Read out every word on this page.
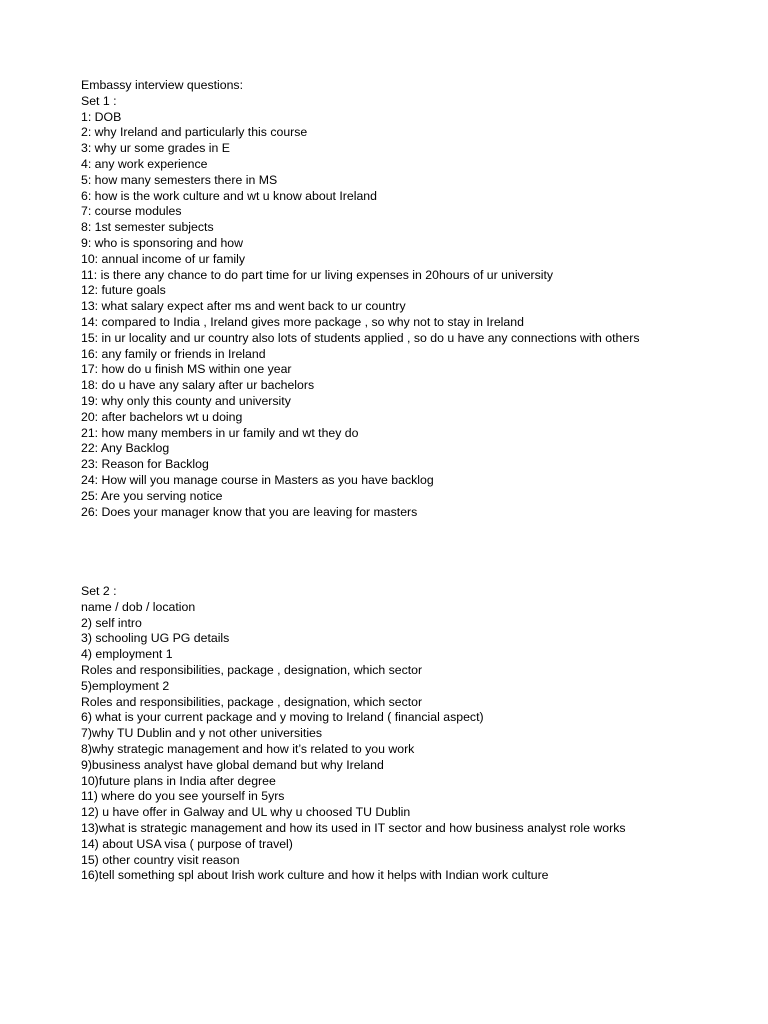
Embassy interview questions:
Set 1 :
1: DOB
2: why Ireland and particularly this course
3: why ur some grades in E
4: any work experience
5: how many semesters there in MS
6: how is the work culture and wt u know about Ireland
7: course modules
8: 1st semester subjects
9: who is sponsoring and how
10: annual income of ur family
11: is there any chance to do part time for ur living expenses in 20hours of ur university
12: future goals
13: what salary expect after ms and went back to ur country
14: compared to India , Ireland gives more package , so why not to stay in Ireland
15: in ur locality and ur country also lots of students applied , so do u have any connections with others
16: any family or friends in Ireland
17: how do u finish MS within one year
18: do u have any salary after ur bachelors
19: why only this county and university
20: after bachelors wt u doing
21: how many members in ur family and wt they do
22: Any Backlog
23: Reason for Backlog
24: How will you manage course in Masters as you have backlog
25: Are you serving notice
26: Does your manager know that you are leaving for masters
Set 2 :
name / dob / location
2) self intro
3) schooling UG PG details
4) employment 1
Roles and responsibilities, package , designation, which sector
5)employment 2
Roles and responsibilities, package , designation, which sector
6) what is your current package and y moving to Ireland ( financial aspect)
7)why TU Dublin and y not other universities
8)why strategic management and how it’s related to you work
9)business analyst have global demand but why Ireland
10)future plans in India after degree
11) where do you see yourself in 5yrs
12) u have offer in Galway and UL why u choosed TU Dublin
13)what is strategic management and how its used in IT sector and how business analyst role works
14) about USA visa ( purpose of travel)
15) other country visit reason
16)tell something spl about Irish work culture and how it helps with Indian work culture
